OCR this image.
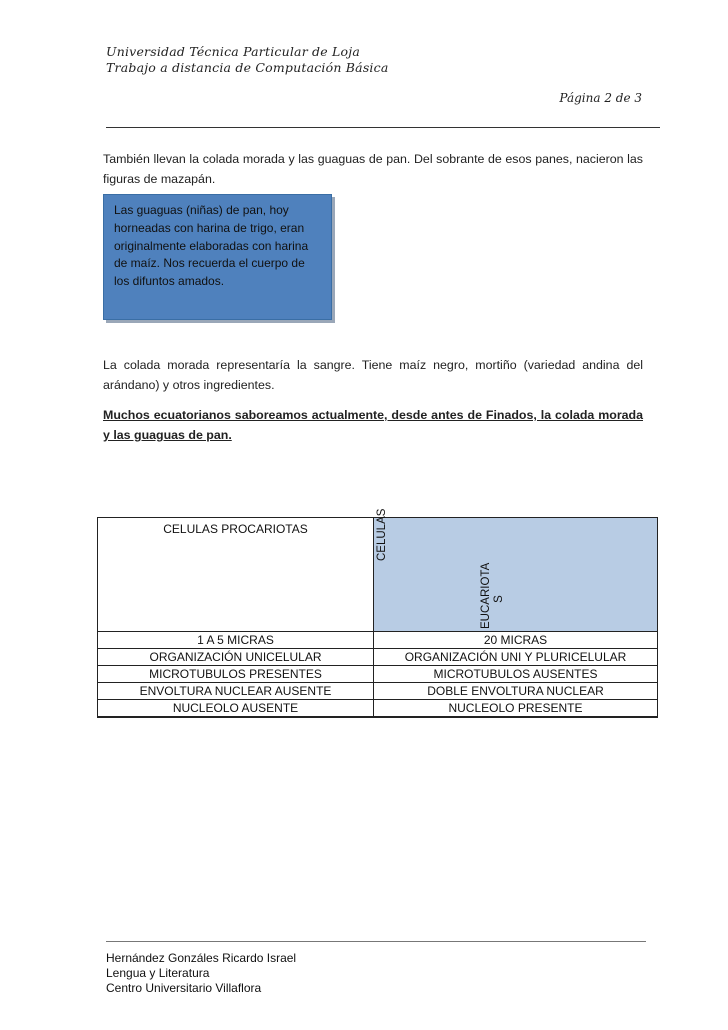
Universidad Técnica Particular de Loja
Trabajo a distancia de Computación Básica
Página 2 de 3
También llevan la colada morada y las guaguas de pan. Del sobrante de esos panes, nacieron las figuras de mazapán.
Las guaguas (niñas) de pan, hoy horneadas con harina de trigo, eran originalmente elaboradas con harina de maíz. Nos recuerda el cuerpo de los difuntos amados.
La colada morada representaría la sangre. Tiene maíz negro, mortiño (variedad andina del arándano) y otros ingredientes.
Muchos ecuatorianos saboreamos actualmente, desde antes de Finados, la colada morada y las guaguas de pan.
CELULAS PROCARIOTAS	CELULAS
EUCARIOTA S

1 A 5 MICRAS	20 MICRAS
ORGANIZACIÓN UNICELULAR	ORGANIZACIÓN UNI Y PLURICELULAR
MICROTUBULOS PRESENTES	MICROTUBULOS AUSENTES
ENVOLTURA NUCLEAR AUSENTE	DOBLE ENVOLTURA NUCLEAR
NUCLEOLO AUSENTE	NUCLEOLO PRESENTE
Hernández Gonzáles Ricardo Israel
Lengua y Literatura
Centro Universitario Villaflora
